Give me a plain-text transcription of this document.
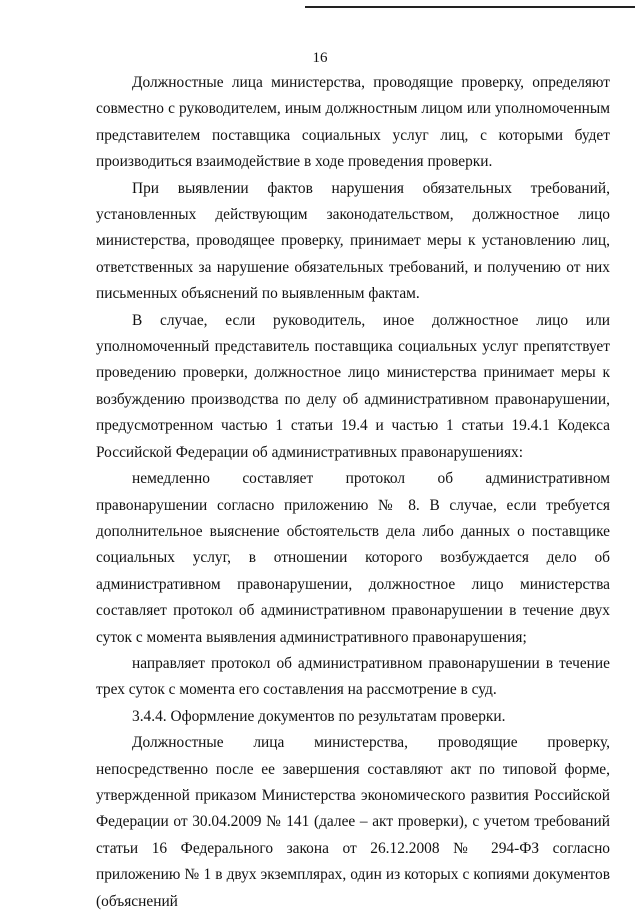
16

Должностные лица министерства, проводящие проверку, определяют совместно с руководителем, иным должностным лицом или уполномоченным представителем поставщика социальных услуг лиц, с которыми будет производиться взаимодействие в ходе проведения проверки.

При выявлении фактов нарушения обязательных требований, установленных действующим законодательством, должностное лицо министерства, проводящее проверку, принимает меры к установлению лиц, ответственных за нарушение обязательных требований, и получению от них письменных объяснений по выявленным фактам.

В случае, если руководитель, иное должностное лицо или уполномоченный представитель поставщика социальных услуг препятствует проведению проверки, должностное лицо министерства принимает меры к возбуждению производства по делу об административном правонарушении, предусмотренном частью 1 статьи 19.4 и частью 1 статьи 19.4.1 Кодекса Российской Федерации об административных правонарушениях:

немедленно составляет протокол об административном правонарушении согласно приложению № 8. В случае, если требуется дополнительное выяснение обстоятельств дела либо данных о поставщике социальных услуг, в отношении которого возбуждается дело об административном правонарушении, должностное лицо министерства составляет протокол об административном правонарушении в течение двух суток с момента выявления административного правонарушения;

направляет протокол об административном правонарушении в течение трех суток с момента его составления на рассмотрение в суд.

3.4.4. Оформление документов по результатам проверки.

Должностные лица министерства, проводящие проверку, непосредственно после ее завершения составляют акт по типовой форме, утвержденной приказом Министерства экономического развития Российской Федерации от 30.04.2009 № 141 (далее – акт проверки), с учетом требований статьи 16 Федерального закона от 26.12.2008 № 294-ФЗ согласно приложению № 1 в двух экземплярах, один из которых с копиями документов (объяснений
